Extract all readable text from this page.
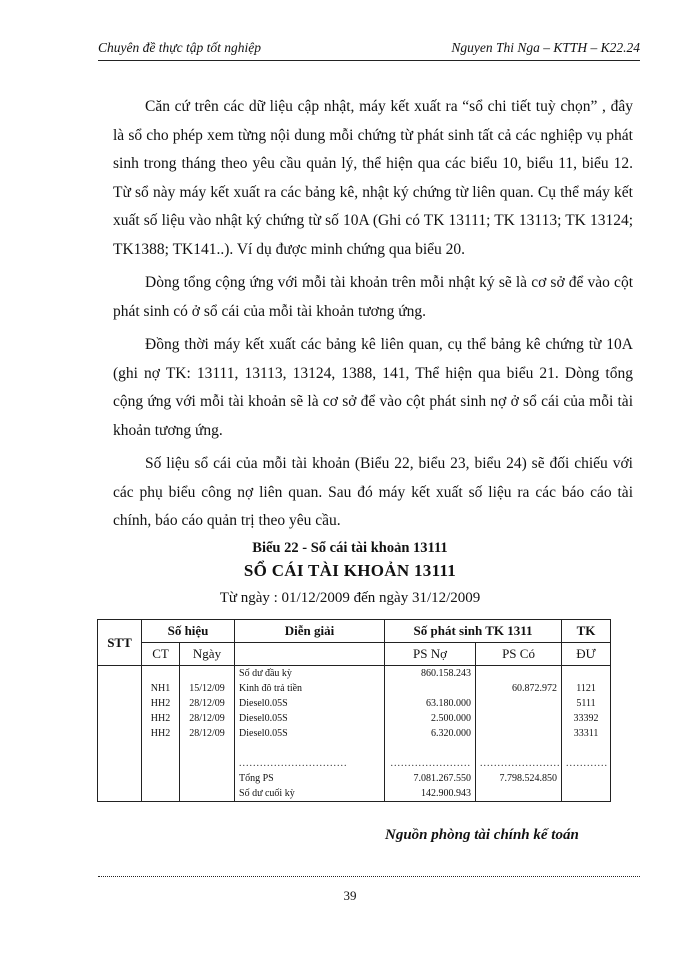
Chuyên đề thực tập tốt nghiệp	Nguyen Thi Nga – KTTH – K22.24

Căn cứ trên các dữ liệu cập nhật, máy kết xuất ra “sổ chi tiết tuỳ chọn” , đây là sổ cho phép xem từng nội dung mỗi chứng từ phát sinh tất cả các nghiệp vụ phát sinh trong tháng theo yêu cầu quản lý, thể hiện qua các biểu 10, biểu 11, biểu 12. Từ sổ này máy kết xuất ra các bảng kê, nhật ký chứng từ liên quan. Cụ thể máy kết xuất số liệu vào nhật ký chứng từ số 10A (Ghi có TK 13111; TK 13113; TK 13124; TK1388; TK141..). Ví dụ được minh chứng qua biểu 20.

Dòng tổng cộng ứng với mỗi tài khoản trên mỗi nhật ký sẽ là cơ sở để vào cột phát sinh có ở sổ cái của mỗi tài khoản tương ứng.

Đồng thời máy kết xuất các bảng kê liên quan, cụ thể bảng kê chứng từ 10A (ghi nợ TK: 13111, 13113, 13124, 1388, 141, Thể hiện qua biểu 21. Dòng tổng cộng ứng với mỗi tài khoản sẽ là cơ sở để vào cột phát sinh nợ ở sổ cái của mỗi tài khoản tương ứng.

Số liệu sổ cái của mỗi tài khoản (Biểu 22, biểu 23, biểu 24) sẽ đối chiếu với các phụ biểu công nợ liên quan. Sau đó máy kết xuất số liệu ra các báo cáo tài chính, báo cáo quản trị theo yêu cầu.

Biểu 22 - Sổ cái tài khoản 13111
SỔ CÁI TÀI KHOẢN 13111
Từ ngày : 01/12/2009 đến ngày 31/12/2009
STT	Số hiệu		Diễn giải	Số phát sinh TK 1311		TK
	CT	Ngày		PS Nợ	PS Có	ĐƯ
			Số dư đầu kỳ	860.158.243		
	NH1	15/12/09	Kinh đô trả tiền		60.872.972	1121
	HH2	28/12/09	Diesel0.05S	63.180.000		5111
	HH2	28/12/09	Diesel0.05S	2.500.000		33392
	HH2	28/12/09	Diesel0.05S	6.320.000		33311

			...............................	.......................	.......................	............
			Tổng PS	7.081.267.550	7.798.524.850	
			Số dư cuối kỳ	142.900.943		
Nguồn phòng tài chính kế toán
39
